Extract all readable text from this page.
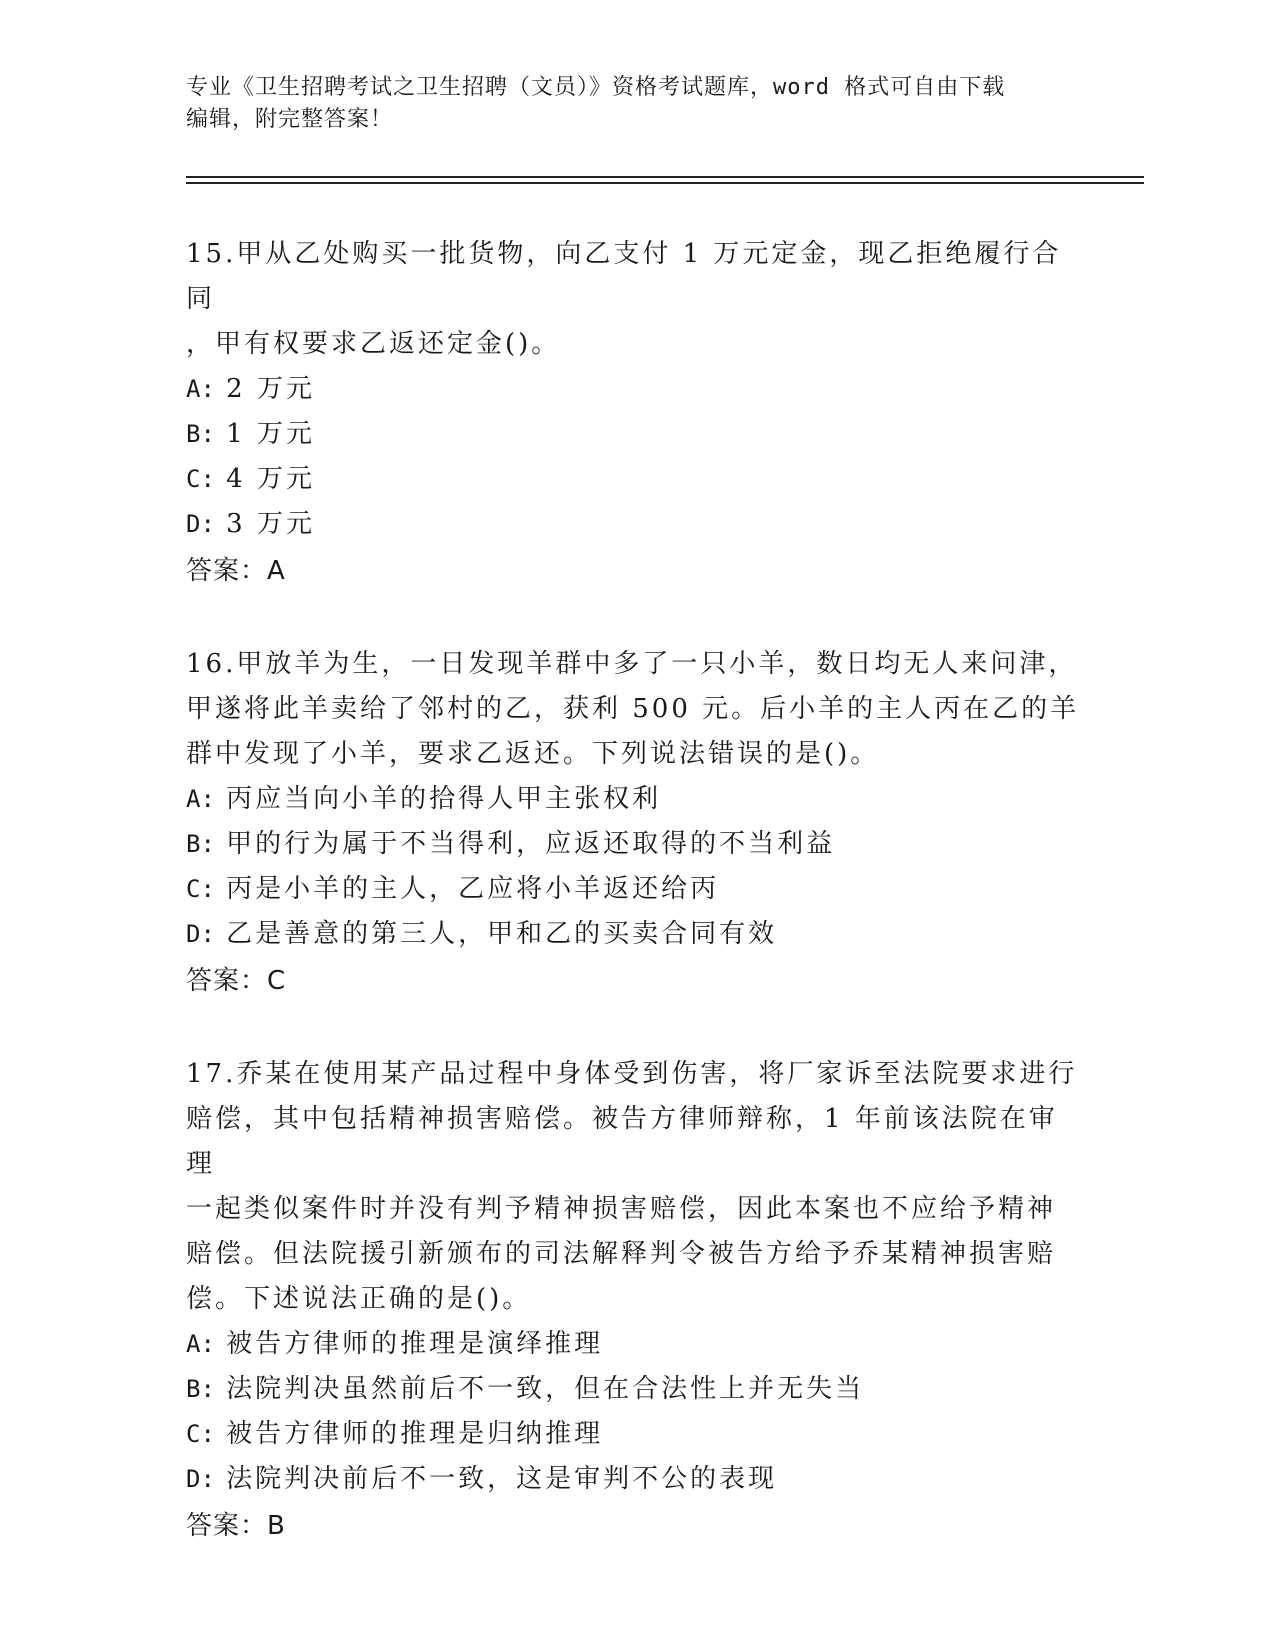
专业《卫生招聘考试之卫生招聘（文员）》资格考试题库，word 格式可自由下载
编辑，附完整答案！

15.甲从乙处购买一批货物，向乙支付 1 万元定金，现乙拒绝履行合同

，甲有权要求乙返还定金()。

A: 2 万元

B: 1 万元

C: 4 万元

D: 3 万元

答案：A

16.甲放羊为生，一日发现羊群中多了一只小羊，数日均无人来问津，

甲遂将此羊卖给了邻村的乙，获利 500 元。后小羊的主人丙在乙的羊

群中发现了小羊，要求乙返还。下列说法错误的是()。

A: 丙应当向小羊的拾得人甲主张权利

B: 甲的行为属于不当得利，应返还取得的不当利益

C: 丙是小羊的主人，乙应将小羊返还给丙

D: 乙是善意的第三人，甲和乙的买卖合同有效

答案：C

17.乔某在使用某产品过程中身体受到伤害，将厂家诉至法院要求进行

赔偿，其中包括精神损害赔偿。被告方律师辩称，1 年前该法院在审理

一起类似案件时并没有判予精神损害赔偿，因此本案也不应给予精神

赔偿。但法院援引新颁布的司法解释判令被告方给予乔某精神损害赔

偿。下述说法正确的是()。

A: 被告方律师的推理是演绎推理

B: 法院判决虽然前后不一致，但在合法性上并无失当

C: 被告方律师的推理是归纳推理

D: 法院判决前后不一致，这是审判不公的表现

答案：B
